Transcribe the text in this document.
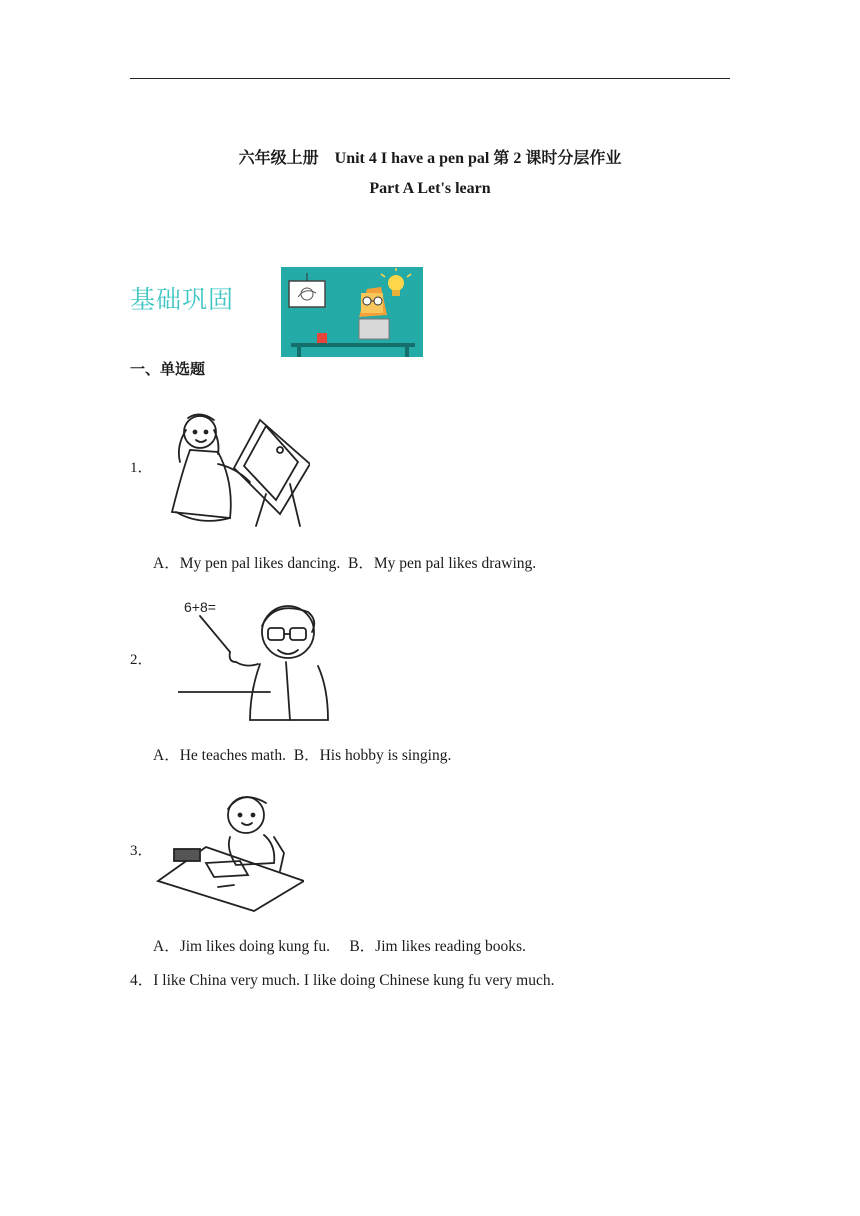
六年级上册　Unit 4 I have a pen pal 第 2 课时分层作业
Part A Let's learn
基础巩固
一、单选题
1．
A．My pen pal likes dancing.  B．My pen pal likes drawing.
2．
6+8=
A．He teaches math.  B．His hobby is singing.
3．
A．Jim likes doing kung fu.     B．Jim likes reading books.
4．I like China very much. I like doing Chinese kung fu very much.
